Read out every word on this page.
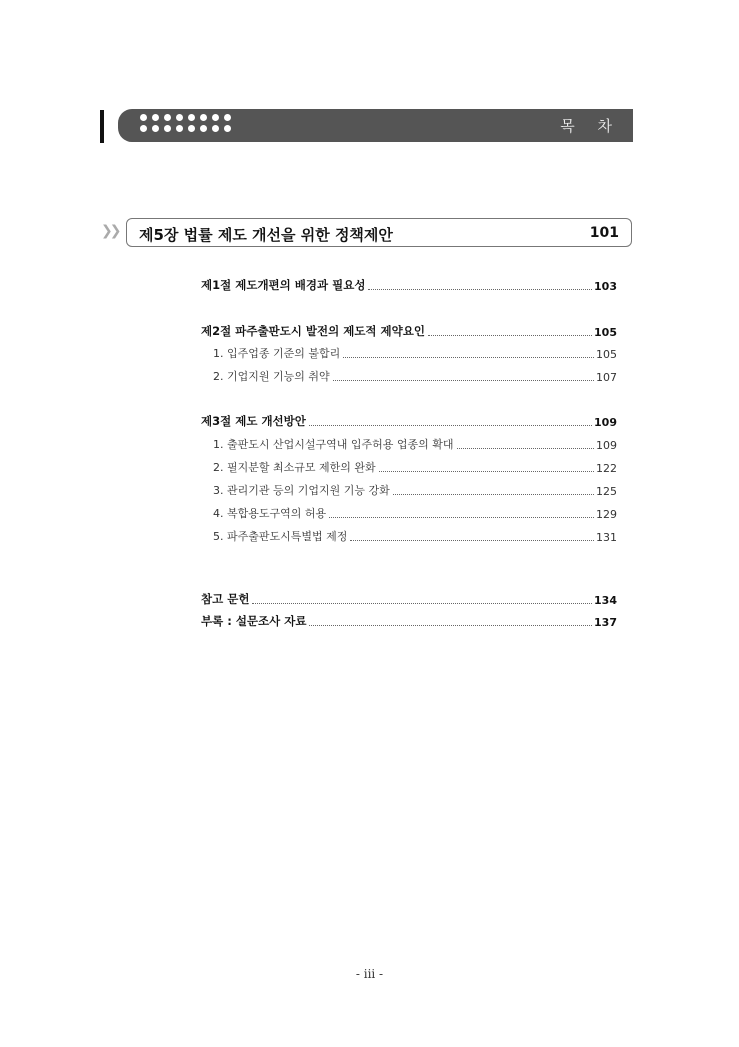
목 차
❯❯ 제5장 법률 제도 개선을 위한 정책제안	101
제1절 제도개편의 배경과 필요성	103
제2절 파주출판도시 발전의 제도적 제약요인	105
1. 입주업종 기준의 불합리	105
2. 기업지원 기능의 취약	107
제3절 제도 개선방안	109
1. 출판도시 산업시설구역내 입주허용 업종의 확대	109
2. 필지분할 최소규모 제한의 완화	122
3. 관리기관 등의 기업지원 기능 강화	125
4. 복합용도구역의 허용	129
5. 파주출판도시특별법 제정	131
참고 문헌	134
부록 : 설문조사 자료	137
- iii -
